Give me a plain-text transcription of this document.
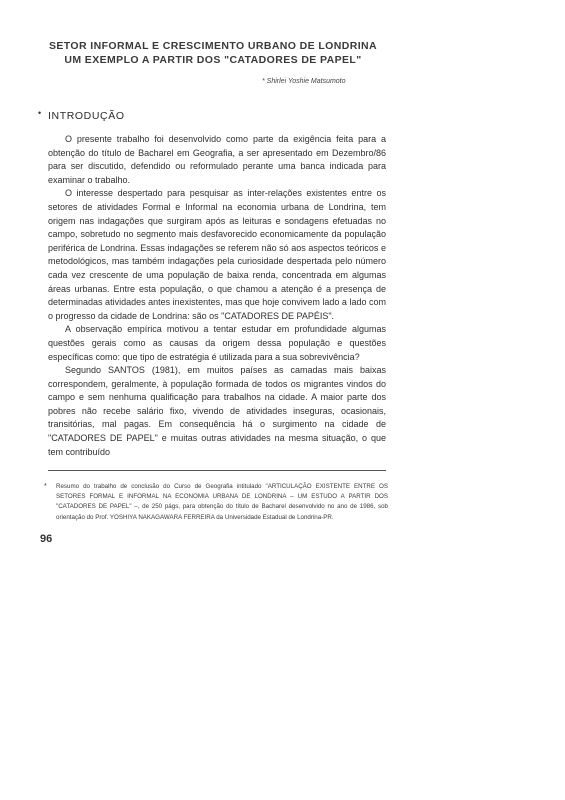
SETOR INFORMAL E CRESCIMENTO URBANO DE LONDRINA
UM EXEMPLO A PARTIR DOS "CATADORES DE PAPEL"
* Shirlei Yoshie Matsumoto
• INTRODUÇÃO

O presente trabalho foi desenvolvido como parte da exigência feita para a obtenção do título de Bacharel em Geografia, a ser apresentado em Dezembro/86 para ser discutido, defendido ou reformulado perante uma banca indicada para examinar o trabalho.

O interesse despertado para pesquisar as inter-relações existentes entre os setores de atividades Formal e Informal na economia urbana de Londrina, tem origem nas indagações que surgiram após as leituras e sondagens efetuadas no campo, sobretudo no segmento mais desfavorecido economicamente da população periférica de Londrina. Essas indagações se referem não só aos aspectos teóricos e metodológicos, mas também indagações pela curiosidade despertada pelo número cada vez crescente de uma população de baixa renda, concentrada em algumas áreas urbanas. Entre esta população, o que chamou a atenção é a presença de determinadas atividades antes inexistentes, mas que hoje convivem lado a lado com o progresso da cidade de Londrina: são os "CATADORES DE PAPÉIS".

A observação empírica motivou a tentar estudar em profundidade algumas questões gerais como as causas da origem dessa população e questões específicas como: que tipo de estratégia é utilizada para a sua sobrevivência?

Segundo SANTOS (1981), em muitos países as camadas mais baixas correspondem, geralmente, à população formada de todos os migrantes vindos do campo e sem nenhuma qualificação para trabalhos na cidade. A maior parte dos pobres não recebe salário fixo, vivendo de atividades inseguras, ocasionais, transitórias, mal pagas. Em consequência há o surgimento na cidade de "CATADORES DE PAPEL" e muitas outras atividades na mesma situação, o que tem contribuído

* Resumo do trabalho de conclusão do Curso de Geografia intitulado "ARTICULAÇÃO EXISTENTE ENTRE OS SETORES FORMAL E INFORMAL NA ECONOMIA URBANA DE LONDRINA – UM ESTUDO A PARTIR DOS "CATADORES DE PAPEL" –, de 250 págs, para obtenção do título de Bacharel desenvolvido no ano de 1986, sob orientação do Prof. YOSHIYA NAKAGAWARA FERREIRA da Universidade Estadual de Londrina-PR.
96
